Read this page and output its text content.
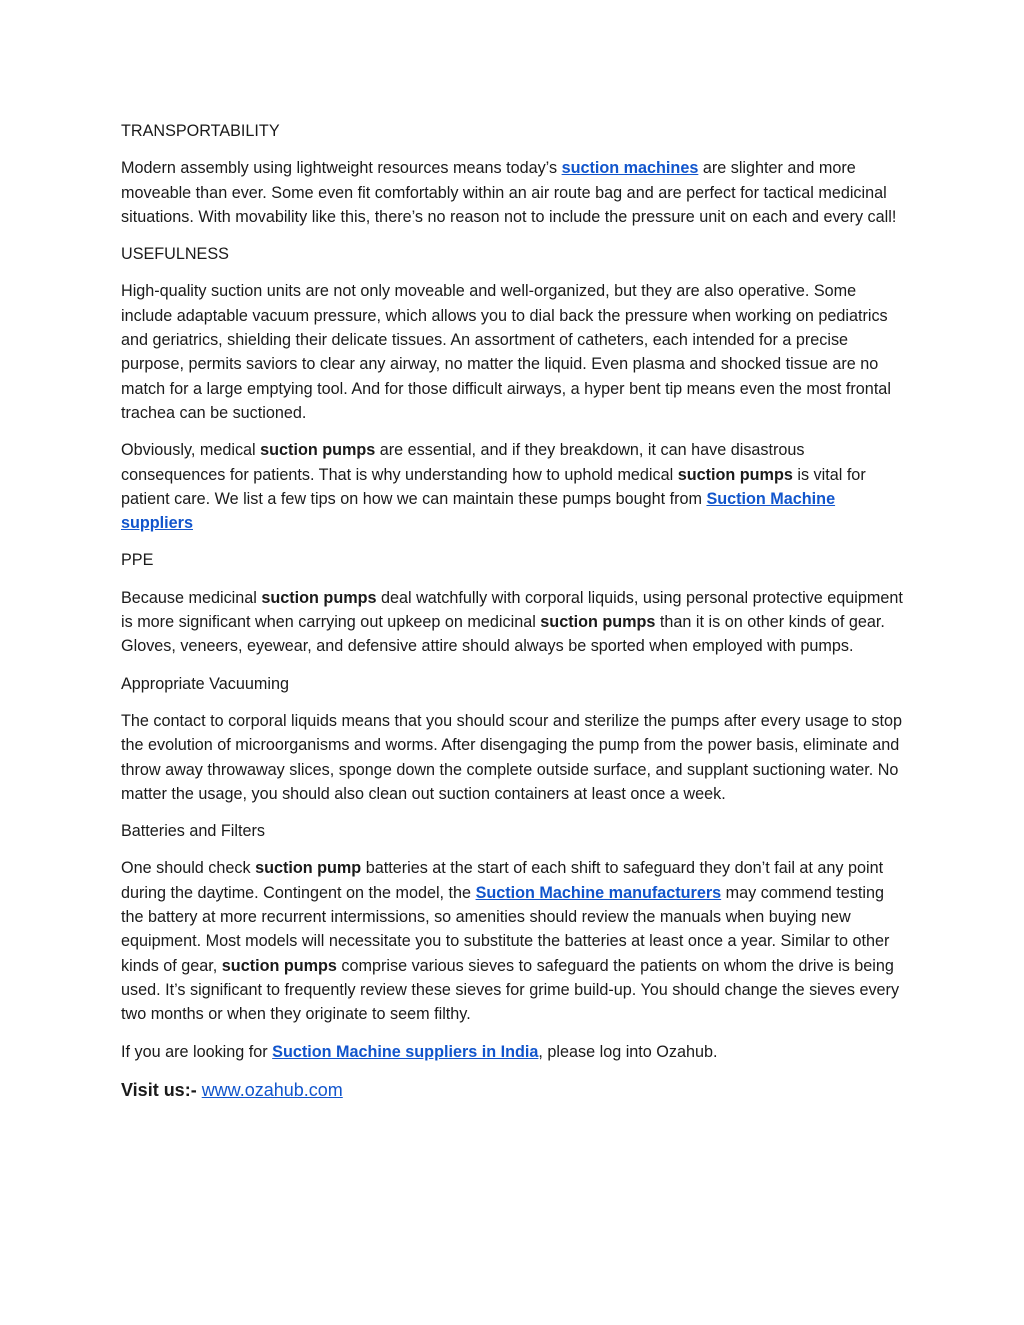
TRANSPORTABILITY

Modern assembly using lightweight resources means today’s suction machines are slighter and more moveable than ever. Some even fit comfortably within an air route bag and are perfect for tactical medicinal situations. With movability like this, there’s no reason not to include the pressure unit on each and every call!

USEFULNESS

High-quality suction units are not only moveable and well-organized, but they are also operative. Some include adaptable vacuum pressure, which allows you to dial back the pressure when working on pediatrics and geriatrics, shielding their delicate tissues. An assortment of catheters, each intended for a precise purpose, permits saviors to clear any airway, no matter the liquid. Even plasma and shocked tissue are no match for a large emptying tool. And for those difficult airways, a hyper bent tip means even the most frontal trachea can be suctioned.

Obviously, medical suction pumps are essential, and if they breakdown, it can have disastrous consequences for patients. That is why understanding how to uphold medical suction pumps is vital for patient care. We list a few tips on how we can maintain these pumps bought from Suction Machine suppliers

PPE

Because medicinal suction pumps deal watchfully with corporal liquids, using personal protective equipment is more significant when carrying out upkeep on medicinal suction pumps than it is on other kinds of gear. Gloves, veneers, eyewear, and defensive attire should always be sported when employed with pumps.

Appropriate Vacuuming

The contact to corporal liquids means that you should scour and sterilize the pumps after every usage to stop the evolution of microorganisms and worms. After disengaging the pump from the power basis, eliminate and throw away throwaway slices, sponge down the complete outside surface, and supplant suctioning water. No matter the usage, you should also clean out suction containers at least once a week.

Batteries and Filters

One should check suction pump batteries at the start of each shift to safeguard they don’t fail at any point during the daytime. Contingent on the model, the Suction Machine manufacturers may commend testing the battery at more recurrent intermissions, so amenities should review the manuals when buying new equipment. Most models will necessitate you to substitute the batteries at least once a year. Similar to other kinds of gear, suction pumps comprise various sieves to safeguard the patients on whom the drive is being used. It’s significant to frequently review these sieves for grime build-up. You should change the sieves every two months or when they originate to seem filthy.

If you are looking for Suction Machine suppliers in India, please log into Ozahub.

Visit us:- www.ozahub.com
